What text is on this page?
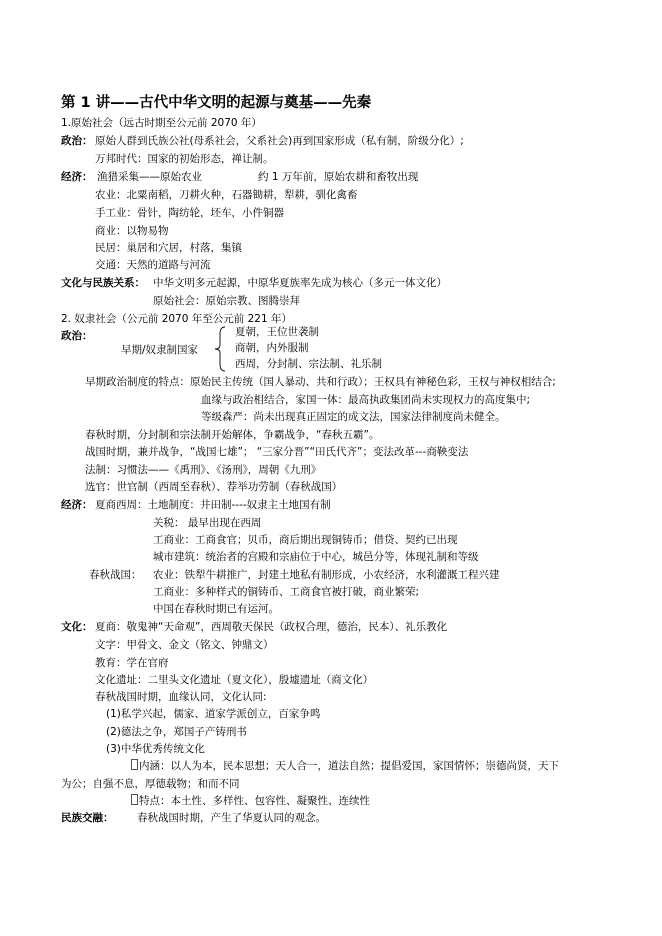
第 1 讲——古代中华文明的起源与奠基——先秦
1.原始社会（远古时期至公元前 2070 年）
政治： 原始人群到氏族公社(母系社会，父系社会)再到国家形成（私有制，阶级分化）;
万邦时代：国家的初始形态，禅让制。
经济： 渔猎采集——原始农业	约 1 万年前，原始农耕和畜牧出现
农业：北粟南稻，刀耕火种，石器锄耕，犁耕，驯化禽畜
手工业：骨针，陶纺轮，坯车，小件铜器
商业：以物易物
民居：巢居和穴居，村落，集镇
交通：天然的道路与河流
文化与民族关系： 中华文明多元起源，中原华夏族率先成为核心（多元一体文化）
原始社会：原始宗教、图腾崇拜
2. 奴隶社会（公元前 2070 年至公元前 221 年）
政治：	夏朝，王位世袭制
早期/奴隶制国家	商朝，内外服制
西周，分封制、宗法制、礼乐制
早期政治制度的特点：原始民主传统（国人暴动、共和行政）；王权具有神秘色彩，王权与神权相结合;
血缘与政治相结合，家国一体：最高执政集团尚未实现权力的高度集中;
等级森严：尚未出现真正固定的成文法，国家法律制度尚未健全。
春秋时期，分封制和宗法制开始解体，争霸战争，“春秋五霸”。
战国时期，兼并战争，“战国七雄”； “三家分晋”“田氏代齐”；变法改革---商鞅变法
法制：习惯法——《禹刑》、《汤刑》，周朝《九刑》
选官：世官制（西周至春秋）、荐举功劳制（春秋战国）
经济： 夏商西周：土地制度：井田制----奴隶主土地国有制
关税： 最早出现在西周
工商业：工商食官；贝币，商后期出现铜铸币；借贷、契约已出现
城市建筑：统治者的宫殿和宗庙位于中心，城邑分等，体现礼制和等级
春秋战国： 农业：铁犁牛耕推广，封建土地私有制形成，小农经济，水利灌溉工程兴建
工商业：多种样式的铜铸币、工商食官被打破，商业繁荣;
中国在春秋时期已有运河。
文化： 夏商：敬鬼神“天命观”，西周敬天保民（政权合理，德治，民本）、礼乐教化
文字：甲骨文、金文（铭文、钟鼎文）
教育：学在官府
文化遗址：二里头文化遗址（夏文化），殷墟遗址（商文化）
春秋战国时期，血缘认同，文化认同:
(1)私学兴起，儒家、道家学派创立，百家争鸣
(2)德法之争，郑国子产铸刑书
(3)中华优秀传统文化
内涵：以人为本，民本思想；天人合一，道法自然；提倡爱国，家国情怀；崇德尚贤，天下
为公；自强不息，厚德载物；和而不同
特点：本土性、多样性、包容性、凝聚性、连续性
民族交融： 春秋战国时期，产生了华夏认同的观念。
